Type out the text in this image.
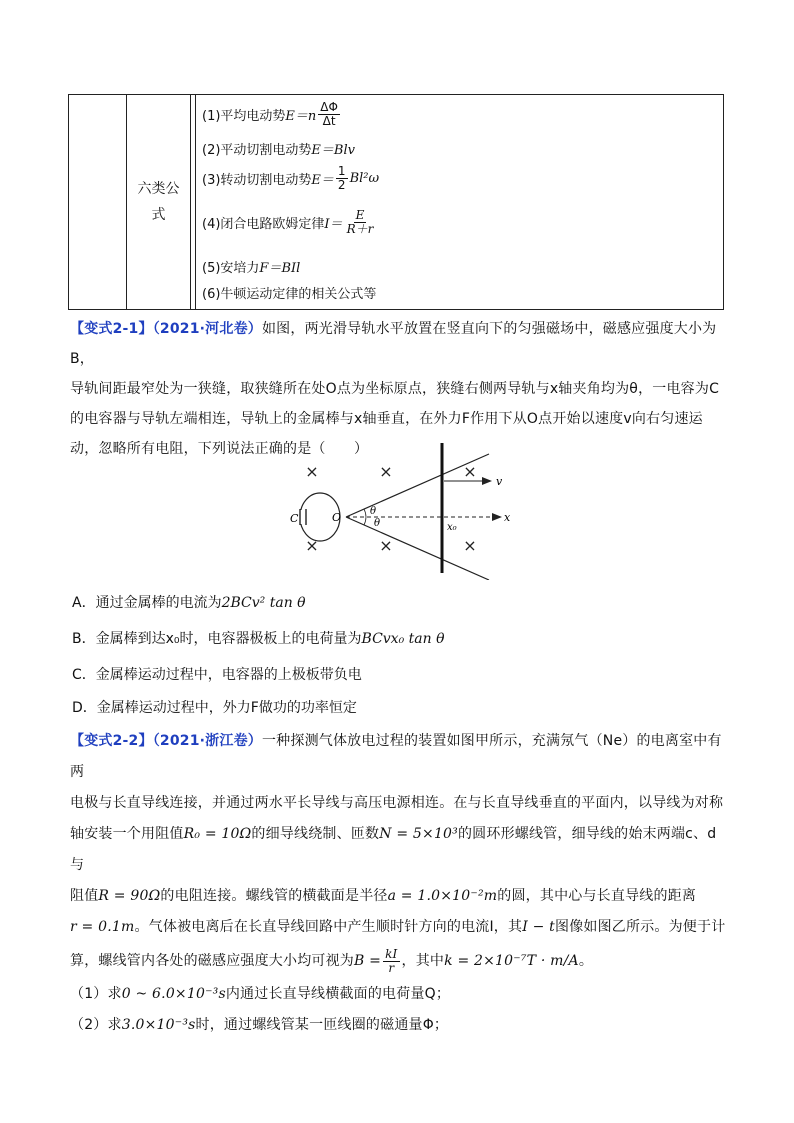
六类公式
(1)平均电动势 $E=n \frac{\Delta\Phi}{\Delta t}$
(2)平动切割电动势 E＝Blv
(3)转动切割电动势 $E= \frac{1}{2} Bl^2\omega$
(4)闭合电路欧姆定律 $I= \frac{E}{R+r}$
(5)安培力 F＝BIl
(6)牛顿运动定律的相关公式等
【变式2-1】（2021·河北卷）如图，两光滑导轨水平放置在竖直向下的匀强磁场中，磁感应强度大小为B，
导轨间距最窄处为一狭缝，取狭缝所在处O点为坐标原点，狭缝右侧两导轨与x轴夹角均为θ，一电容为C
的电容器与导轨左端相连，导轨上的金属棒与x轴垂直，在外力F作用下从O点开始以速度v向右匀速运
动，忽略所有电阻，下列说法正确的是（　　）
×	×	×
×	×	×
C	O	x
θ
θ
v
x₀
A．通过金属棒的电流为2BCv² tan θ
B．金属棒到达x₀时，电容器极板上的电荷量为BCvx₀ tan θ
C．金属棒运动过程中，电容器的上极板带负电
D．金属棒运动过程中，外力F做功的功率恒定
【变式2-2】（2021·浙江卷）一种探测气体放电过程的装置如图甲所示，充满氖气（Ne）的电离室中有两
电极与长直导线连接，并通过两水平长导线与高压电源相连。在与长直导线垂直的平面内，以导线为对称
轴安装一个用阻值R₀ = 10Ω的细导线绕制、匝数N = 5×10³的圆环形螺线管，细导线的始末两端c、d与
阻值R = 90Ω的电阻连接。螺线管的横截面是半径a = 1.0×10⁻²m的圆，其中心与长直导线的距离
r = 0.1m。气体被电离后在长直导线回路中产生顺时针方向的电流I，其I − t图像如图乙所示。为便于计
算，螺线管内各处的磁感应强度大小均可视为 $B = \frac{kI}{r}$ ，其中 k = 2×10⁻⁷T · m/A 。
（1）求0 ~ 6.0×10⁻³s内通过长直导线横截面的电荷量Q；
（2）求3.0×10⁻³s时，通过螺线管某一匝线圈的磁通量Φ；
